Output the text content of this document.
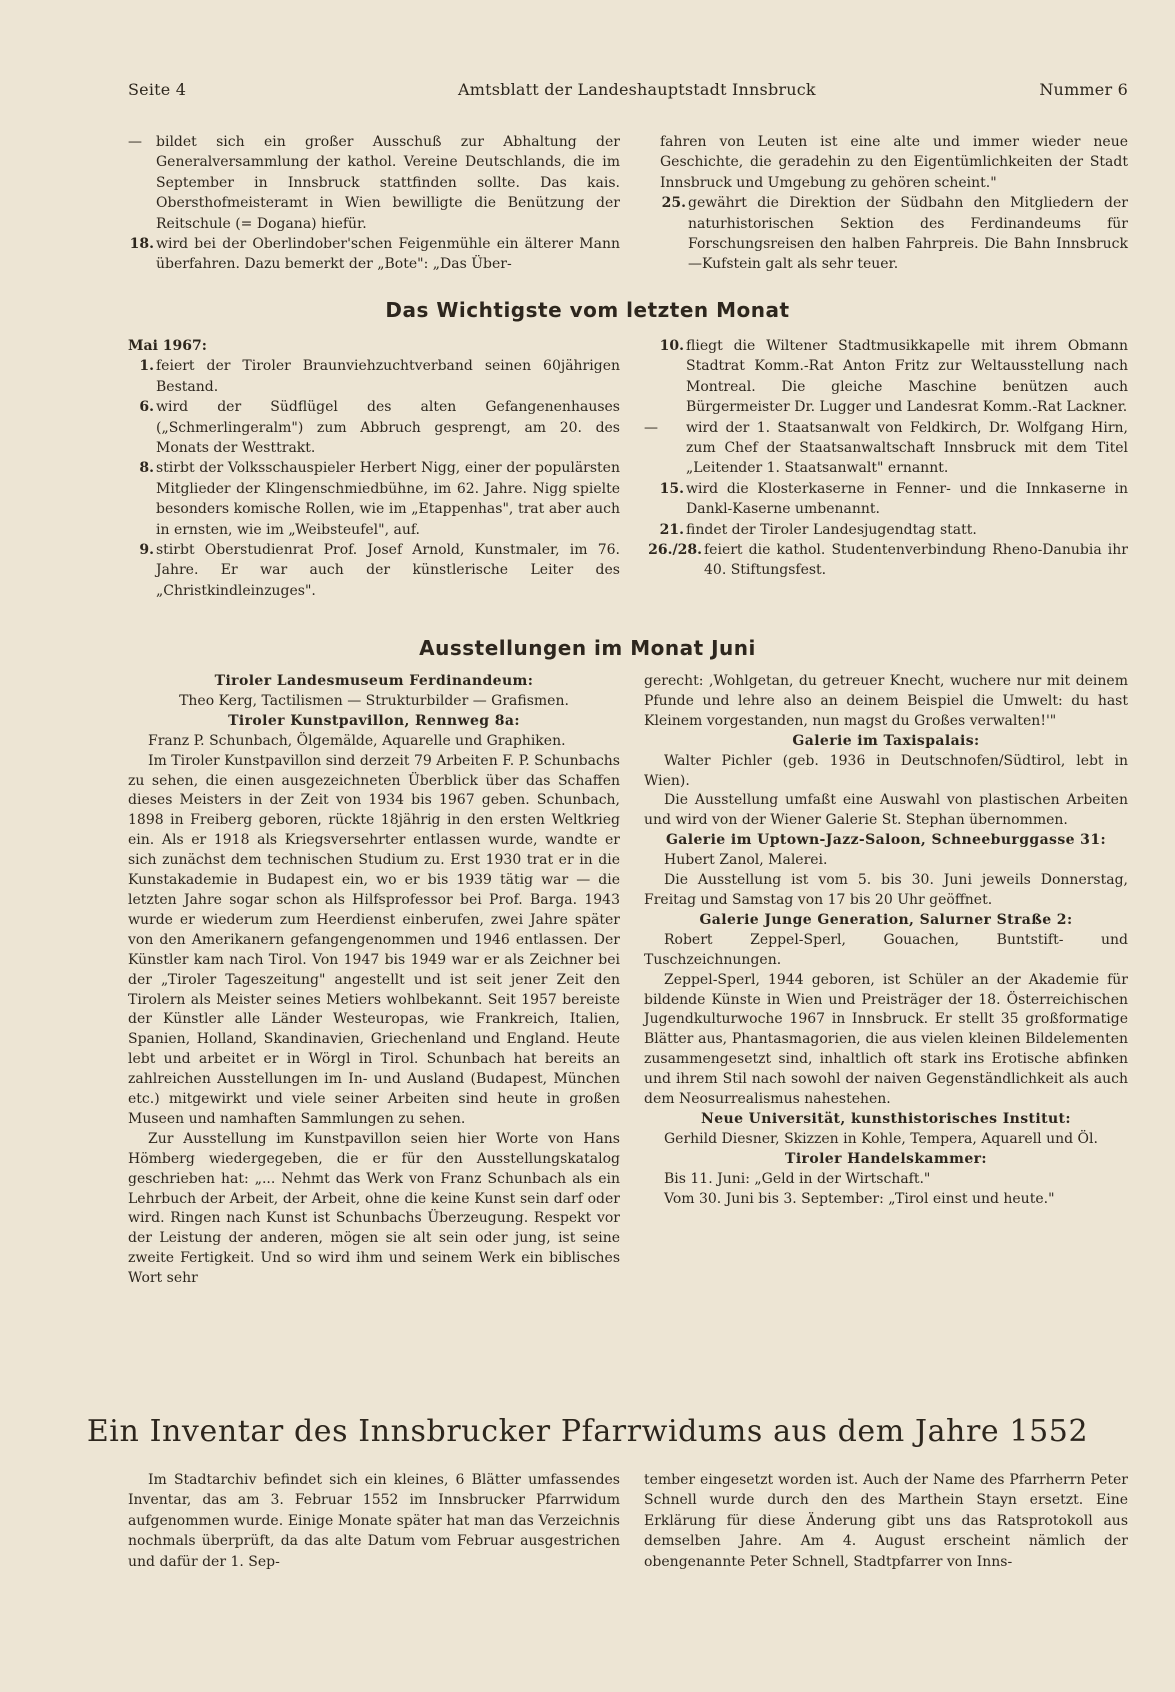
Seite 4	Amtsblatt der Landeshauptstadt Innsbruck	Nummer 6
— bildet sich ein großer Ausschuß zur Abhaltung der Generalversammlung der kathol. Vereine Deutschlands, die im September in Innsbruck stattfinden sollte. Das kais. Obersthofmeisteramt in Wien bewilligte die Benützung der Reitschule (= Dogana) hiefür.

18. wird bei der Oberlindober'schen Feigenmühle ein älterer Mann überfahren. Dazu bemerkt der „Bote": „Das Über-

fahren von Leuten ist eine alte und immer wieder neue Geschichte, die geradehin zu den Eigentümlichkeiten der Stadt Innsbruck und Umgebung zu gehören scheint."

25. gewährt die Direktion der Südbahn den Mitgliedern der naturhistorischen Sektion des Ferdinandeums für Forschungsreisen den halben Fahrpreis. Die Bahn Innsbruck—Kufstein galt als sehr teuer.

Das Wichtigste vom letzten Monat

Mai 1967:

1. feiert der Tiroler Braunviehzuchtverband seinen 60jährigen Bestand.

6. wird der Südflügel des alten Gefangenenhauses („Schmerlingeralm") zum Abbruch gesprengt, am 20. des Monats der Westtrakt.

8. stirbt der Volksschauspieler Herbert Nigg, einer der populärsten Mitglieder der Klingenschmiedbühne, im 62. Jahre. Nigg spielte besonders komische Rollen, wie im „Etappenhas", trat aber auch in ernsten, wie im „Weibsteufel", auf.

9. stirbt Oberstudienrat Prof. Josef Arnold, Kunstmaler, im 76. Jahre. Er war auch der künstlerische Leiter des „Christkindleinzuges".

10. fliegt die Wiltener Stadtmusikkapelle mit ihrem Obmann Stadtrat Komm.-Rat Anton Fritz zur Weltausstellung nach Montreal. Die gleiche Maschine benützen auch Bürgermeister Dr. Lugger und Landesrat Komm.-Rat Lackner.

— wird der 1. Staatsanwalt von Feldkirch, Dr. Wolfgang Hirn, zum Chef der Staatsanwaltschaft Innsbruck mit dem Titel „Leitender 1. Staatsanwalt" ernannt.

15. wird die Klosterkaserne in Fenner- und die Innkaserne in Dankl-Kaserne umbenannt.

21. findet der Tiroler Landesjugendtag statt.

26./28. feiert die kathol. Studentenverbindung Rheno-Danubia ihr 40. Stiftungsfest.

Ausstellungen im Monat Juni

Tiroler Landesmuseum Ferdinandeum:

Theo Kerg, Tactilismen — Strukturbilder — Grafismen.

Tiroler Kunstpavillon, Rennweg 8a:

Franz P. Schunbach, Ölgemälde, Aquarelle und Graphiken.

Im Tiroler Kunstpavillon sind derzeit 79 Arbeiten F. P. Schunbachs zu sehen, die einen ausgezeichneten Überblick über das Schaffen dieses Meisters in der Zeit von 1934 bis 1967 geben. Schunbach, 1898 in Freiberg geboren, rückte 18jährig in den ersten Weltkrieg ein. Als er 1918 als Kriegsversehrter entlassen wurde, wandte er sich zunächst dem technischen Studium zu. Erst 1930 trat er in die Kunstakademie in Budapest ein, wo er bis 1939 tätig war — die letzten Jahre sogar schon als Hilfsprofessor bei Prof. Barga. 1943 wurde er wiederum zum Heerdienst einberufen, zwei Jahre später von den Amerikanern gefangengenommen und 1946 entlassen. Der Künstler kam nach Tirol. Von 1947 bis 1949 war er als Zeichner bei der „Tiroler Tageszeitung" angestellt und ist seit jener Zeit den Tirolern als Meister seines Metiers wohlbekannt. Seit 1957 bereiste der Künstler alle Länder Westeuropas, wie Frankreich, Italien, Spanien, Holland, Skandinavien, Griechenland und England. Heute lebt und arbeitet er in Wörgl in Tirol. Schunbach hat bereits an zahlreichen Ausstellungen im In- und Ausland (Budapest, München etc.) mitgewirkt und viele seiner Arbeiten sind heute in großen Museen und namhaften Sammlungen zu sehen.

Zur Ausstellung im Kunstpavillon seien hier Worte von Hans Hömberg wiedergegeben, die er für den Ausstellungskatalog geschrieben hat: „... Nehmt das Werk von Franz Schunbach als ein Lehrbuch der Arbeit, der Arbeit, ohne die keine Kunst sein darf oder wird. Ringen nach Kunst ist Schunbachs Überzeugung. Respekt vor der Leistung der anderen, mögen sie alt sein oder jung, ist seine zweite Fertigkeit. Und so wird ihm und seinem Werk ein biblisches Wort sehr

gerecht: ‚Wohlgetan, du getreuer Knecht, wuchere nur mit deinem Pfunde und lehre also an deinem Beispiel die Umwelt: du hast Kleinem vorgestanden, nun magst du Großes verwalten!'"

Galerie im Taxispalais:

Walter Pichler (geb. 1936 in Deutschnofen/Südtirol, lebt in Wien).

Die Ausstellung umfaßt eine Auswahl von plastischen Arbeiten und wird von der Wiener Galerie St. Stephan übernommen.

Galerie im Uptown-Jazz-Saloon, Schneeburggasse 31:

Hubert Zanol, Malerei.

Die Ausstellung ist vom 5. bis 30. Juni jeweils Donnerstag, Freitag und Samstag von 17 bis 20 Uhr geöffnet.

Galerie Junge Generation, Salurner Straße 2:

Robert Zeppel-Sperl, Gouachen, Buntstift- und Tuschzeichnungen.

Zeppel-Sperl, 1944 geboren, ist Schüler an der Akademie für bildende Künste in Wien und Preisträger der 18. Österreichischen Jugendkulturwoche 1967 in Innsbruck. Er stellt 35 großformatige Blätter aus, Phantasmagorien, die aus vielen kleinen Bildelementen zusammengesetzt sind, inhaltlich oft stark ins Erotische abfinken und ihrem Stil nach sowohl der naiven Gegenständlichkeit als auch dem Neosurrealismus nahestehen.

Neue Universität, kunsthistorisches Institut:

Gerhild Diesner, Skizzen in Kohle, Tempera, Aquarell und Öl.

Tiroler Handelskammer:

Bis 11. Juni: „Geld in der Wirtschaft."

Vom 30. Juni bis 3. September: „Tirol einst und heute."

Ein Inventar des Innsbrucker Pfarrwidums aus dem Jahre 1552

Im Stadtarchiv befindet sich ein kleines, 6 Blätter umfassendes Inventar, das am 3. Februar 1552 im Innsbrucker Pfarrwidum aufgenommen wurde. Einige Monate später hat man das Verzeichnis nochmals überprüft, da das alte Datum vom Februar ausgestrichen und dafür der 1. Sep-

tember eingesetzt worden ist. Auch der Name des Pfarrherrn Peter Schnell wurde durch den des Marthein Stayn ersetzt. Eine Erklärung für diese Änderung gibt uns das Ratsprotokoll aus demselben Jahre. Am 4. August erscheint nämlich der obengenannte Peter Schnell, Stadtpfarrer von Inns-
